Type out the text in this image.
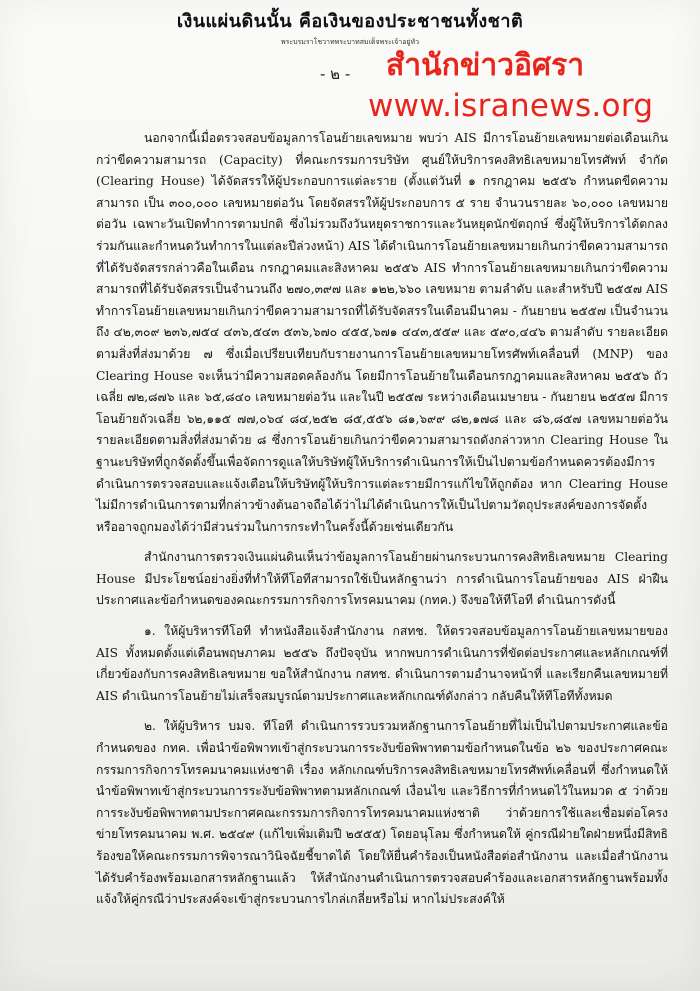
เงินแผ่นดินนั้น คือเงินของประชาชนทั้งชาติ
พระบรมราโชวาทพระบาทสมเด็จพระเจ้าอยู่หัว
- ๒ - สำนักข่าวอิศรา
www.isranews.org

นอกจากนี้เมื่อตรวจสอบข้อมูลการโอนย้ายเลขหมาย พบว่า AIS มีการโอนย้ายเลขหมายต่อเดือนเกินกว่าขีดความสามารถ (Capacity) ที่คณะกรรมการบริษัท ศูนย์ให้บริการคงสิทธิเลขหมายโทรศัพท์ จำกัด (Clearing House) ได้จัดสรรให้ผู้ประกอบการแต่ละราย (ตั้งแต่วันที่ ๑ กรกฎาคม ๒๕๕๖ กำหนดขีดความสามารถ เป็น ๓๐๐,๐๐๐ เลขหมายต่อวัน โดยจัดสรรให้ผู้ประกอบการ ๕ ราย จำนวนรายละ ๖๐,๐๐๐ เลขหมายต่อวัน เฉพาะวันเปิดทำการตามปกติ ซึ่งไม่รวมถึงวันหยุดราชการและวันหยุดนักขัตฤกษ์ ซึ่งผู้ให้บริการได้ตกลงร่วมกันและกำหนดวันทำการในแต่ละปีล่วงหน้า) AIS ได้ดำเนินการโอนย้ายเลขหมายเกินกว่าขีดความสามารถที่ได้รับจัดสรรกล่าวคือในเดือน กรกฎาคมและสิงหาคม ๒๕๕๖ AIS ทำการโอนย้ายเลขหมายเกินกว่าขีดความสามารถที่ได้รับจัดสรรเป็นจำนวนถึง ๒๗๐,๓๙๗ และ ๑๒๒,๖๖๐ เลขหมาย ตามลำดับ และสำหรับปี ๒๕๕๗ AIS ทำการโอนย้ายเลขหมายเกินกว่าขีดความสามารถที่ได้รับจัดสรรในเดือนมีนาคม - กันยายน ๒๕๕๗ เป็นจำนวนถึง ๔๒,๓๐๙ ๒๓๖,๗๕๔ ๔๓๖,๕๔๓ ๕๓๖,๖๗๐ ๔๕๕,๖๗๑ ๔๔๓,๕๕๙ และ ๕๙๐,๔๔๖ ตามลำดับ รายละเอียดตามสิ่งที่ส่งมาด้วย ๗ ซึ่งเมื่อเปรียบเทียบกับรายงานการโอนย้ายเลขหมายโทรศัพท์เคลื่อนที่ (MNP) ของ Clearing House จะเห็นว่ามีความสอดคล้องกัน โดยมีการโอนย้ายในเดือนกรกฎาคมและสิงหาคม ๒๕๕๖ ถัวเฉลี่ย ๗๒,๘๗๖ และ ๖๕,๘๔๐ เลขหมายต่อวัน และในปี ๒๕๕๗ ระหว่างเดือนเมษายน - กันยายน ๒๕๕๗ มีการโอนย้ายถัวเฉลี่ย ๖๒,๑๑๕ ๗๗,๐๖๔ ๘๔,๒๕๒ ๘๕,๕๕๖ ๘๑,๖๙๙ ๘๒,๑๗๘ และ ๘๖,๘๕๗ เลขหมายต่อวัน รายละเอียดตามสิ่งที่ส่งมาด้วย ๘ ซึ่งการโอนย้ายเกินกว่าขีดความสามารถดังกล่าวหาก Clearing House ในฐานะบริษัทที่ถูกจัดตั้งขึ้นเพื่อจัดการดูแลให้บริษัทผู้ให้บริการดำเนินการให้เป็นไปตามข้อกำหนดควรต้องมีการดำเนินการตรวจสอบและแจ้งเตือนให้บริษัทผู้ให้บริการแต่ละรายมีการแก้ไขให้ถูกต้อง หาก Clearing House ไม่มีการดำเนินการตามที่กล่าวข้างต้นอาจถือได้ว่าไม่ได้ดำเนินการให้เป็นไปตามวัตถุประสงค์ของการจัดตั้ง หรืออาจถูกมองได้ว่ามีส่วนร่วมในการกระทำในครั้งนี้ด้วยเช่นเดียวกัน

สำนักงานการตรวจเงินแผ่นดินเห็นว่าข้อมูลการโอนย้ายผ่านกระบวนการคงสิทธิเลขหมาย Clearing House มีประโยชน์อย่างยิ่งที่ทำให้ทีโอทีสามารถใช้เป็นหลักฐานว่า การดำเนินการโอนย้ายของ AIS ฝ่าฝืนประกาศและข้อกำหนดของคณะกรรมการกิจการโทรคมนาคม (กทค.) จึงขอให้ทีโอที ดำเนินการดังนี้

๑. ให้ผู้บริหารทีโอที ทำหนังสือแจ้งสำนักงาน กสทช. ให้ตรวจสอบข้อมูลการโอนย้ายเลขหมายของ AIS ทั้งหมดตั้งแต่เดือนพฤษภาคม ๒๕๕๖ ถึงปัจจุบัน หากพบการดำเนินการที่ขัดต่อประกาศและหลักเกณฑ์ที่เกี่ยวข้องกับการคงสิทธิเลขหมาย ขอให้สำนักงาน กสทช. ดำเนินการตามอำนาจหน้าที่ และเรียกคืนเลขหมายที่ AIS ดำเนินการโอนย้ายไม่เสร็จสมบูรณ์ตามประกาศและหลักเกณฑ์ดังกล่าว กลับคืนให้ทีโอทีทั้งหมด

๒. ให้ผู้บริหาร บมจ. ทีโอที ดำเนินการรวบรวมหลักฐานการโอนย้ายที่ไม่เป็นไปตามประกาศและข้อกำหนดของ กทค. เพื่อนำข้อพิพาทเข้าสู่กระบวนการระงับข้อพิพาทตามข้อกำหนดในข้อ ๒๖ ของประกาศคณะกรรมการกิจการโทรคมนาคมแห่งชาติ เรื่อง หลักเกณฑ์บริการคงสิทธิเลขหมายโทรศัพท์เคลื่อนที่ ซึ่งกำหนดให้นำข้อพิพาทเข้าสู่กระบวนการระงับข้อพิพาทตามหลักเกณฑ์ เงื่อนไข และวิธีการที่กำหนดไว้ในหมวด ๕ ว่าด้วยการระงับข้อพิพาทตามประกาศคณะกรรมการกิจการโทรคมนาคมแห่งชาติ ว่าด้วยการใช้และเชื่อมต่อโครงข่ายโทรคมนาคม พ.ศ. ๒๕๔๙ (แก้ไขเพิ่มเติมปี ๒๕๕๕) โดยอนุโลม ซึ่งกำหนดให้ คู่กรณีฝ่ายใดฝ่ายหนึ่งมีสิทธิร้องขอให้คณะกรรมการพิจารณาวินิจฉัยชี้ขาดได้ โดยให้ยื่นคำร้องเป็นหนังสือต่อสำนักงาน และเมื่อสำนักงานได้รับคำร้องพร้อมเอกสารหลักฐานแล้ว ให้สำนักงานดำเนินการตรวจสอบคำร้องและเอกสารหลักฐานพร้อมทั้งแจ้งให้คู่กรณีว่าประสงค์จะเข้าสู่กระบวนการไกล่เกลี่ยหรือไม่ หากไม่ประสงค์ให้
